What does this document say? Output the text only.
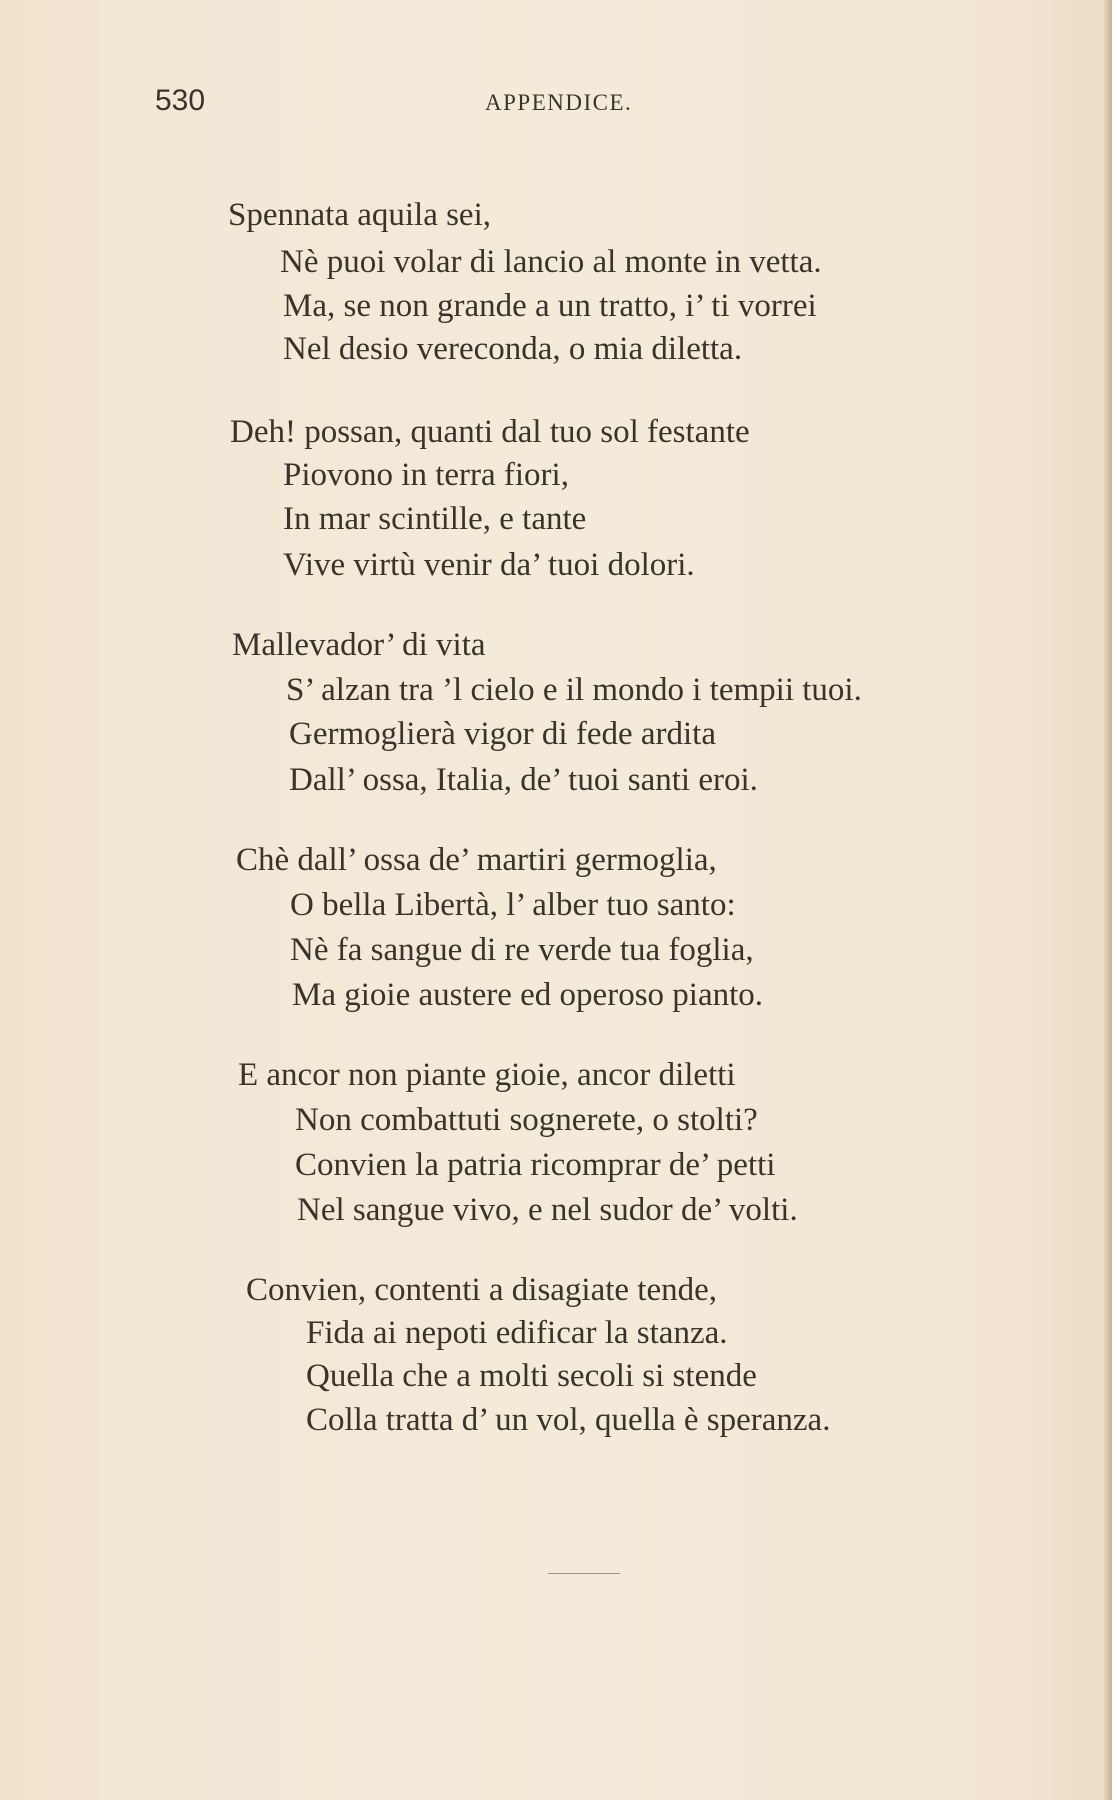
530	APPENDICE.
Spennata aquila sei,
Nè puoi volar di lancio al monte in vetta.
Ma, se non grande a un tratto, i’ ti vorrei
Nel desio vereconda, o mia diletta.
Deh! possan, quanti dal tuo sol festante
Piovono in terra fiori,
In mar scintille, e tante
Vive virtù venir da’ tuoi dolori.
Mallevador’ di vita
S’ alzan tra ’l cielo e il mondo i tempii tuoi.
Germoglierà vigor di fede ardita
Dall’ ossa, Italia, de’ tuoi santi eroi.
Chè dall’ ossa de’ martiri germoglia,
O bella Libertà, l’ alber tuo santo:
Nè fa sangue di re verde tua foglia,
Ma gioie austere ed operoso pianto.
E ancor non piante gioie, ancor diletti
Non combattuti sognerete, o stolti?
Convien la patria ricomprar de’ petti
Nel sangue vivo, e nel sudor de’ volti.
Convien, contenti a disagiate tende,
Fida ai nepoti edificar la stanza.
Quella che a molti secoli si stende
Colla tratta d’ un vol, quella è speranza.
